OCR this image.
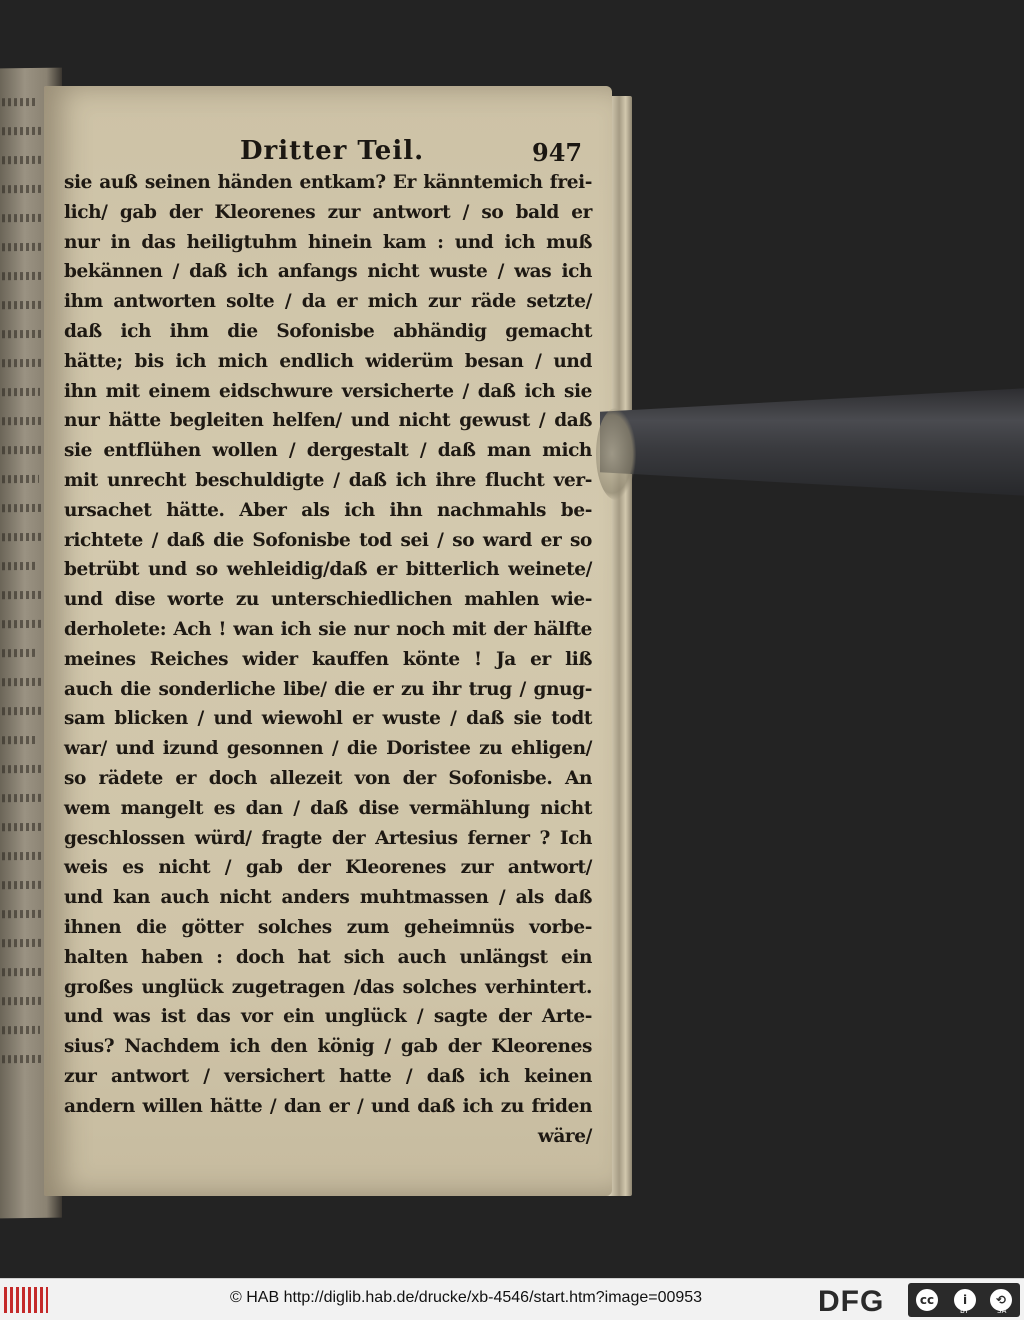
Dritter Teil.	947
sie auß seinen händen entkam? Er känntemich frei-
lich/ gab der Kleorenes zur antwort / so bald er
nur in das heiligtuhm hinein kam : und ich muß
bekännen / daß ich anfangs nicht wuste / was ich
ihm antworten solte / da er mich zur räde setzte/
daß ich ihm die Sofonisbe abhändig gemacht
hätte; bis ich mich endlich widerüm besan / und
ihn mit einem eidschwure versicherte / daß ich sie
nur hätte begleiten helfen/ und nicht gewust / daß
sie entflühen wollen / dergestalt / daß man mich
mit unrecht beschuldigte / daß ich ihre flucht ver-
ursachet hätte. Aber als ich ihn nachmahls be-
richtete / daß die Sofonisbe tod sei / so ward er so
betrübt und so wehleidig/daß er bitterlich weinete/
und dise worte zu unterschiedlichen mahlen wie-
derholete: Ach ! wan ich sie nur noch mit der hälfte
meines Reiches wider kauffen könte ! Ja er liß
auch die sonderliche libe/ die er zu ihr trug / gnug-
sam blicken / und wiewohl er wuste / daß sie todt
war/ und izund gesonnen / die Doristee zu ehligen/
so rädete er doch allezeit von der Sofonisbe. An
wem mangelt es dan / daß dise vermählung nicht
geschlossen würd/ fragte der Artesius ferner ? Ich
weis es nicht / gab der Kleorenes zur antwort/
und kan auch nicht anders muhtmassen / als daß
ihnen die götter solches zum geheimnüs vorbe-
halten haben : doch hat sich auch unlängst ein
großes unglück zugetragen /das solches verhintert.
und was ist das vor ein unglück / sagte der Arte-
sius? Nachdem ich den könig / gab der Kleorenes
zur antwort / versichert hatte / daß ich keinen
andern willen hätte / dan er / und daß ich zu friden
wäre/
© HAB http://diglib.hab.de/drucke/xb-4546/start.htm?image=00953	DFG	cc	i	⟲
BY	SA
